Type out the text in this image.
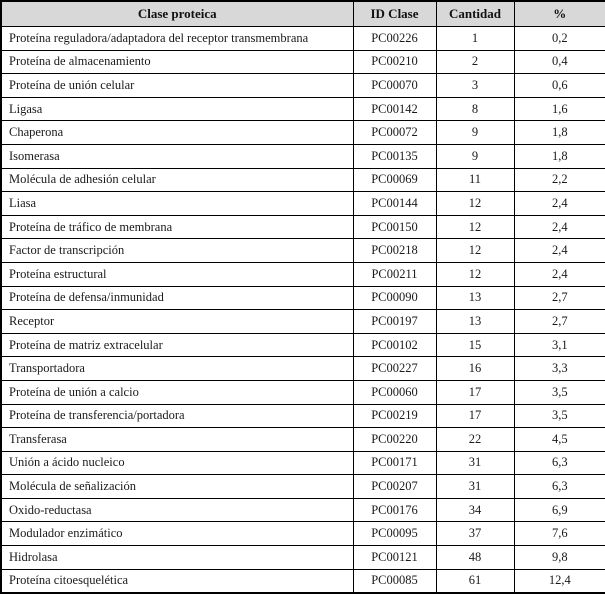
Clase proteica	ID Clase	Cantidad	%
Proteína reguladora/adaptadora del receptor transmembrana	PC00226	1	0,2
Proteína de almacenamiento	PC00210	2	0,4
Proteína de unión celular	PC00070	3	0,6
Ligasa	PC00142	8	1,6
Chaperona	PC00072	9	1,8
Isomerasa	PC00135	9	1,8
Molécula de adhesión celular	PC00069	11	2,2
Liasa	PC00144	12	2,4
Proteína de tráfico de membrana	PC00150	12	2,4
Factor de transcripción	PC00218	12	2,4
Proteína estructural	PC00211	12	2,4
Proteína de defensa/inmunidad	PC00090	13	2,7
Receptor	PC00197	13	2,7
Proteína de matriz extracelular	PC00102	15	3,1
Transportadora	PC00227	16	3,3
Proteína de unión a calcio	PC00060	17	3,5
Proteína de transferencia/portadora	PC00219	17	3,5
Transferasa	PC00220	22	4,5
Unión a ácido nucleico	PC00171	31	6,3
Molécula de señalización	PC00207	31	6,3
Oxido-reductasa	PC00176	34	6,9
Modulador enzimático	PC00095	37	7,6
Hidrolasa	PC00121	48	9,8
Proteína citoesquelética	PC00085	61	12,4
